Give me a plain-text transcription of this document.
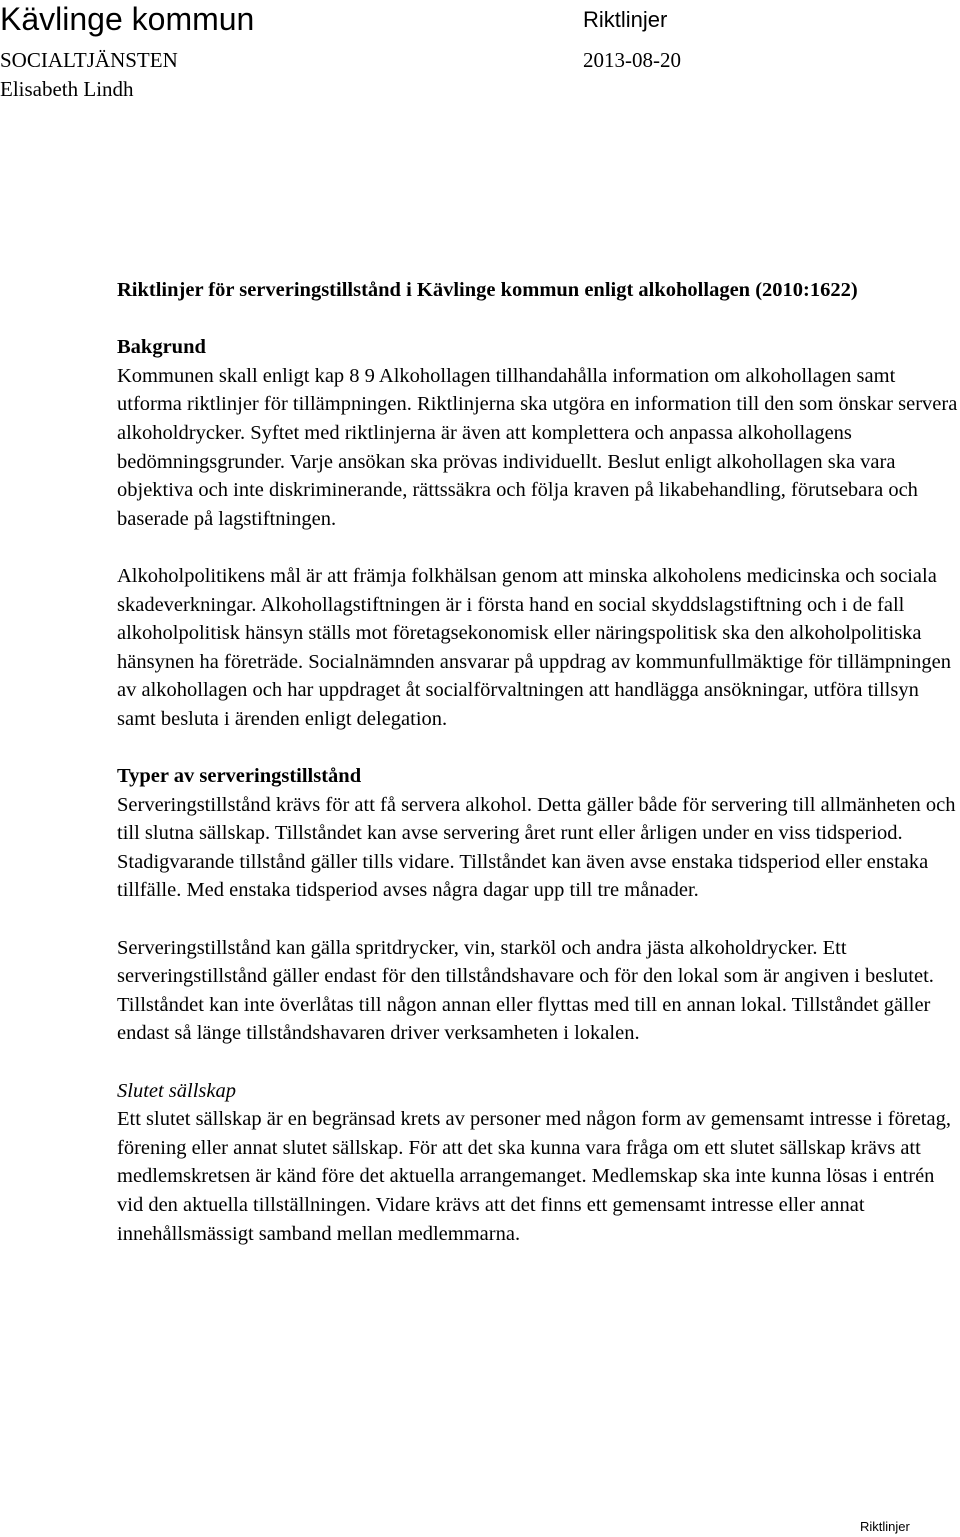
Kävlinge kommun	Riktlinjer
SOCIALTJÄNSTEN	2013-08-20
Elisabeth Lindh
Riktlinjer för serveringstillstånd i Kävlinge kommun enligt alkohollagen (2010:1622)
Bakgrund

Kommunen skall enligt kap 8 9 Alkohollagen tillhandahålla information om alkohollagen samt utforma riktlinjer för tillämpningen. Riktlinjerna ska utgöra en information till den som önskar servera alkoholdrycker. Syftet med riktlinjerna är även att komplettera och anpassa alkohollagens bedömningsgrunder. Varje ansökan ska prövas individuellt. Beslut enligt alkohollagen ska vara objektiva och inte diskriminerande, rättssäkra och följa kraven på likabehandling, förutsebara och baserade på lagstiftningen.

Alkoholpolitikens mål är att främja folkhälsan genom att minska alkoholens medicinska och sociala skadeverkningar. Alkohollagstiftningen är i första hand en social skyddslagstiftning och i de fall alkoholpolitisk hänsyn ställs mot företagsekonomisk eller näringspolitisk ska den alkoholpolitiska hänsynen ha företräde. Socialnämnden ansvarar på uppdrag av kommunfullmäktige för tillämpningen av alkohollagen och har uppdraget åt socialförvaltningen att handlägga ansökningar, utföra tillsyn samt besluta i ärenden enligt delegation.

Typer av serveringstillstånd

Serveringstillstånd krävs för att få servera alkohol. Detta gäller både för servering till allmänheten och till slutna sällskap. Tillståndet kan avse servering året runt eller årligen under en viss tidsperiod. Stadigvarande tillstånd gäller tills vidare. Tillståndet kan även avse enstaka tidsperiod eller enstaka tillfälle. Med enstaka tidsperiod avses några dagar upp till tre månader.

Serveringstillstånd kan gälla spritdrycker, vin, starköl och andra jästa alkoholdrycker. Ett serveringstillstånd gäller endast för den tillståndshavare och för den lokal som är angiven i beslutet. Tillståndet kan inte överlåtas till någon annan eller flyttas med till en annan lokal. Tillståndet gäller endast så länge tillståndshavaren driver verksamheten i lokalen.

Slutet sällskap

Ett slutet sällskap är en begränsad krets av personer med någon form av gemensamt intresse i företag, förening eller annat slutet sällskap. För att det ska kunna vara fråga om ett slutet sällskap krävs att medlemskretsen är känd före det aktuella arrangemanget. Medlemskap ska inte kunna lösas i entrén vid den aktuella tillställningen. Vidare krävs att det finns ett gemensamt intresse eller annat innehållsmässigt samband mellan medlemmarna.

Riktlinjer
